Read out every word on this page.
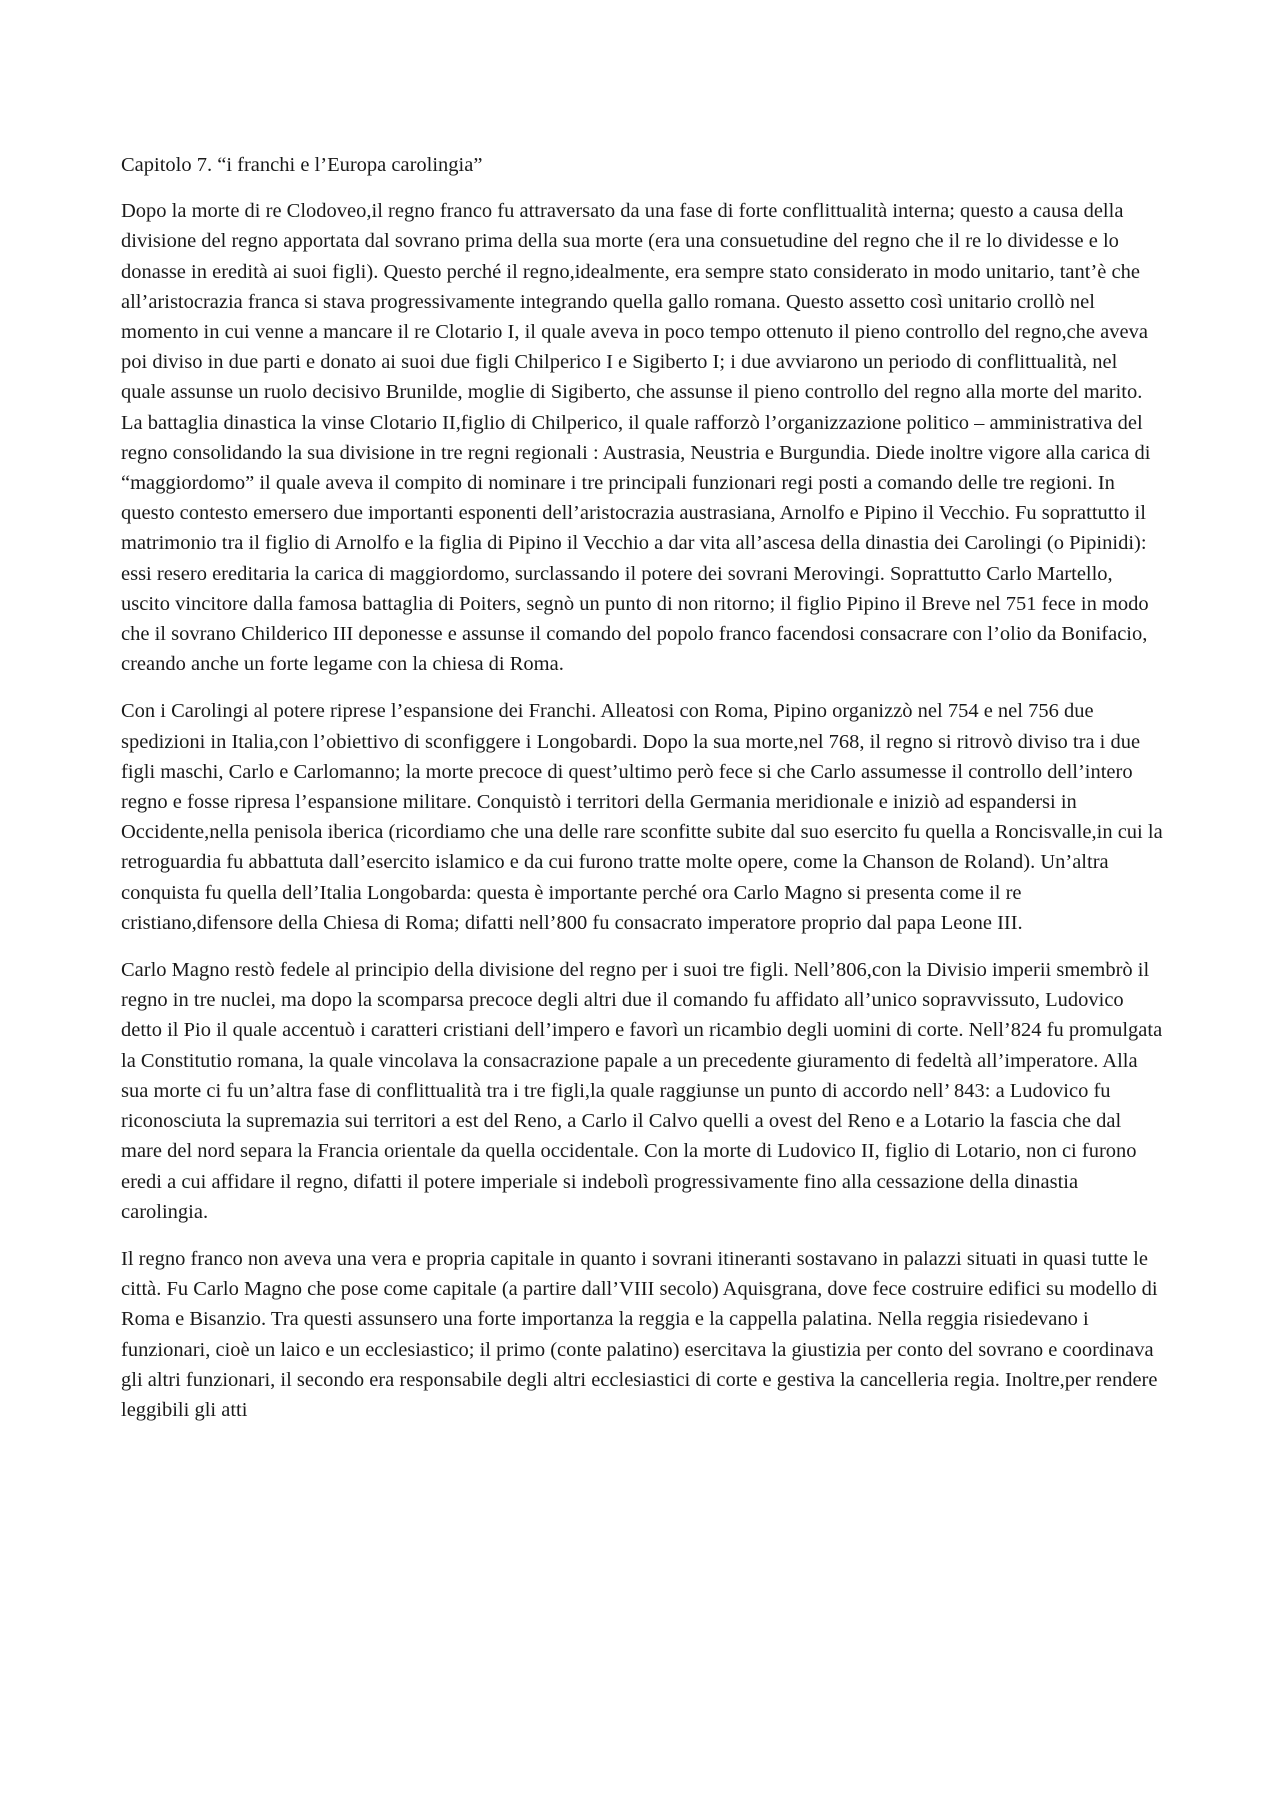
Capitolo 7. “i franchi e l’Europa carolingia”

Dopo la morte di re Clodoveo,il regno franco fu attraversato da una fase di forte conflittualità interna; questo a causa della divisione del regno apportata dal sovrano prima della sua morte (era una consuetudine del regno che il re lo dividesse e lo donasse in eredità ai suoi figli). Questo perché il regno,idealmente, era sempre stato considerato in modo unitario, tant’è che all’aristocrazia franca si stava progressivamente integrando quella gallo romana. Questo assetto così unitario crollò nel momento in cui venne a mancare il re Clotario I, il quale aveva in poco tempo ottenuto il pieno controllo del regno,che aveva poi diviso in due parti e donato ai suoi due figli Chilperico I e Sigiberto I; i due avviarono un periodo di conflittualità, nel quale assunse un ruolo decisivo Brunilde, moglie di Sigiberto, che assunse il pieno controllo del regno alla morte del marito. La battaglia dinastica la vinse Clotario II,figlio di Chilperico, il quale rafforzò l’organizzazione politico – amministrativa del regno consolidando la sua divisione in tre regni regionali : Austrasia, Neustria e Burgundia. Diede inoltre vigore alla carica di “maggiordomo” il quale aveva il compito di nominare i tre principali funzionari regi posti a comando delle tre regioni. In questo contesto emersero due importanti esponenti dell’aristocrazia austrasiana, Arnolfo e Pipino il Vecchio. Fu soprattutto il matrimonio tra il figlio di Arnolfo e la figlia di Pipino il Vecchio a dar vita all’ascesa della dinastia dei Carolingi (o Pipinidi): essi resero ereditaria la carica di maggiordomo, surclassando il potere dei sovrani Merovingi. Soprattutto Carlo Martello, uscito vincitore dalla famosa battaglia di Poiters, segnò un punto di non ritorno; il figlio Pipino il Breve nel 751 fece in modo che il sovrano Childerico III deponesse e assunse il comando del popolo franco facendosi consacrare con l’olio da Bonifacio, creando anche un forte legame con la chiesa di Roma.

Con i Carolingi al potere riprese l’espansione dei Franchi. Alleatosi con Roma, Pipino organizzò nel 754 e nel 756 due spedizioni in Italia,con l’obiettivo di sconfiggere i Longobardi. Dopo la sua morte,nel 768, il regno si ritrovò diviso tra i due figli maschi, Carlo e Carlomanno; la morte precoce di quest’ultimo però fece si che Carlo assumesse il controllo dell’intero regno e fosse ripresa l’espansione militare. Conquistò i territori della Germania meridionale e iniziò ad espandersi in Occidente,nella penisola iberica (ricordiamo che una delle rare sconfitte subite dal suo esercito fu quella a Roncisvalle,in cui la retroguardia fu abbattuta dall’esercito islamico e da cui furono tratte molte opere, come la Chanson de Roland). Un’altra conquista fu quella dell’Italia Longobarda: questa è importante perché ora Carlo Magno si presenta come il re cristiano,difensore della Chiesa di Roma; difatti nell’800 fu consacrato imperatore proprio dal papa Leone III.

Carlo Magno restò fedele al principio della divisione del regno per i suoi tre figli. Nell’806,con la Divisio imperii smembrò il regno in tre nuclei, ma dopo la scomparsa precoce degli altri due il comando fu affidato all’unico sopravvissuto, Ludovico detto il Pio il quale accentuò i caratteri cristiani dell’impero e favorì un ricambio degli uomini di corte. Nell’824 fu promulgata la Constitutio romana, la quale vincolava la consacrazione papale a un precedente giuramento di fedeltà all’imperatore. Alla sua morte ci fu un’altra fase di conflittualità tra i tre figli,la quale raggiunse un punto di accordo nell’ 843: a Ludovico fu riconosciuta la supremazia sui territori a est del Reno, a Carlo il Calvo quelli a ovest del Reno e a Lotario la fascia che dal mare del nord separa la Francia orientale da quella occidentale. Con la morte di Ludovico II, figlio di Lotario, non ci furono eredi a cui affidare il regno, difatti il potere imperiale si indebolì progressivamente fino alla cessazione della dinastia carolingia.

Il regno franco non aveva una vera e propria capitale in quanto i sovrani itineranti sostavano in palazzi situati in quasi tutte le città. Fu Carlo Magno che pose come capitale (a partire dall’VIII secolo) Aquisgrana, dove fece costruire edifici su modello di Roma e Bisanzio. Tra questi assunsero una forte importanza la reggia e la cappella palatina. Nella reggia risiedevano i funzionari, cioè un laico e un ecclesiastico; il primo (conte palatino) esercitava la giustizia per conto del sovrano e coordinava gli altri funzionari, il secondo era responsabile degli altri ecclesiastici di corte e gestiva la cancelleria regia. Inoltre,per rendere leggibili gli atti
